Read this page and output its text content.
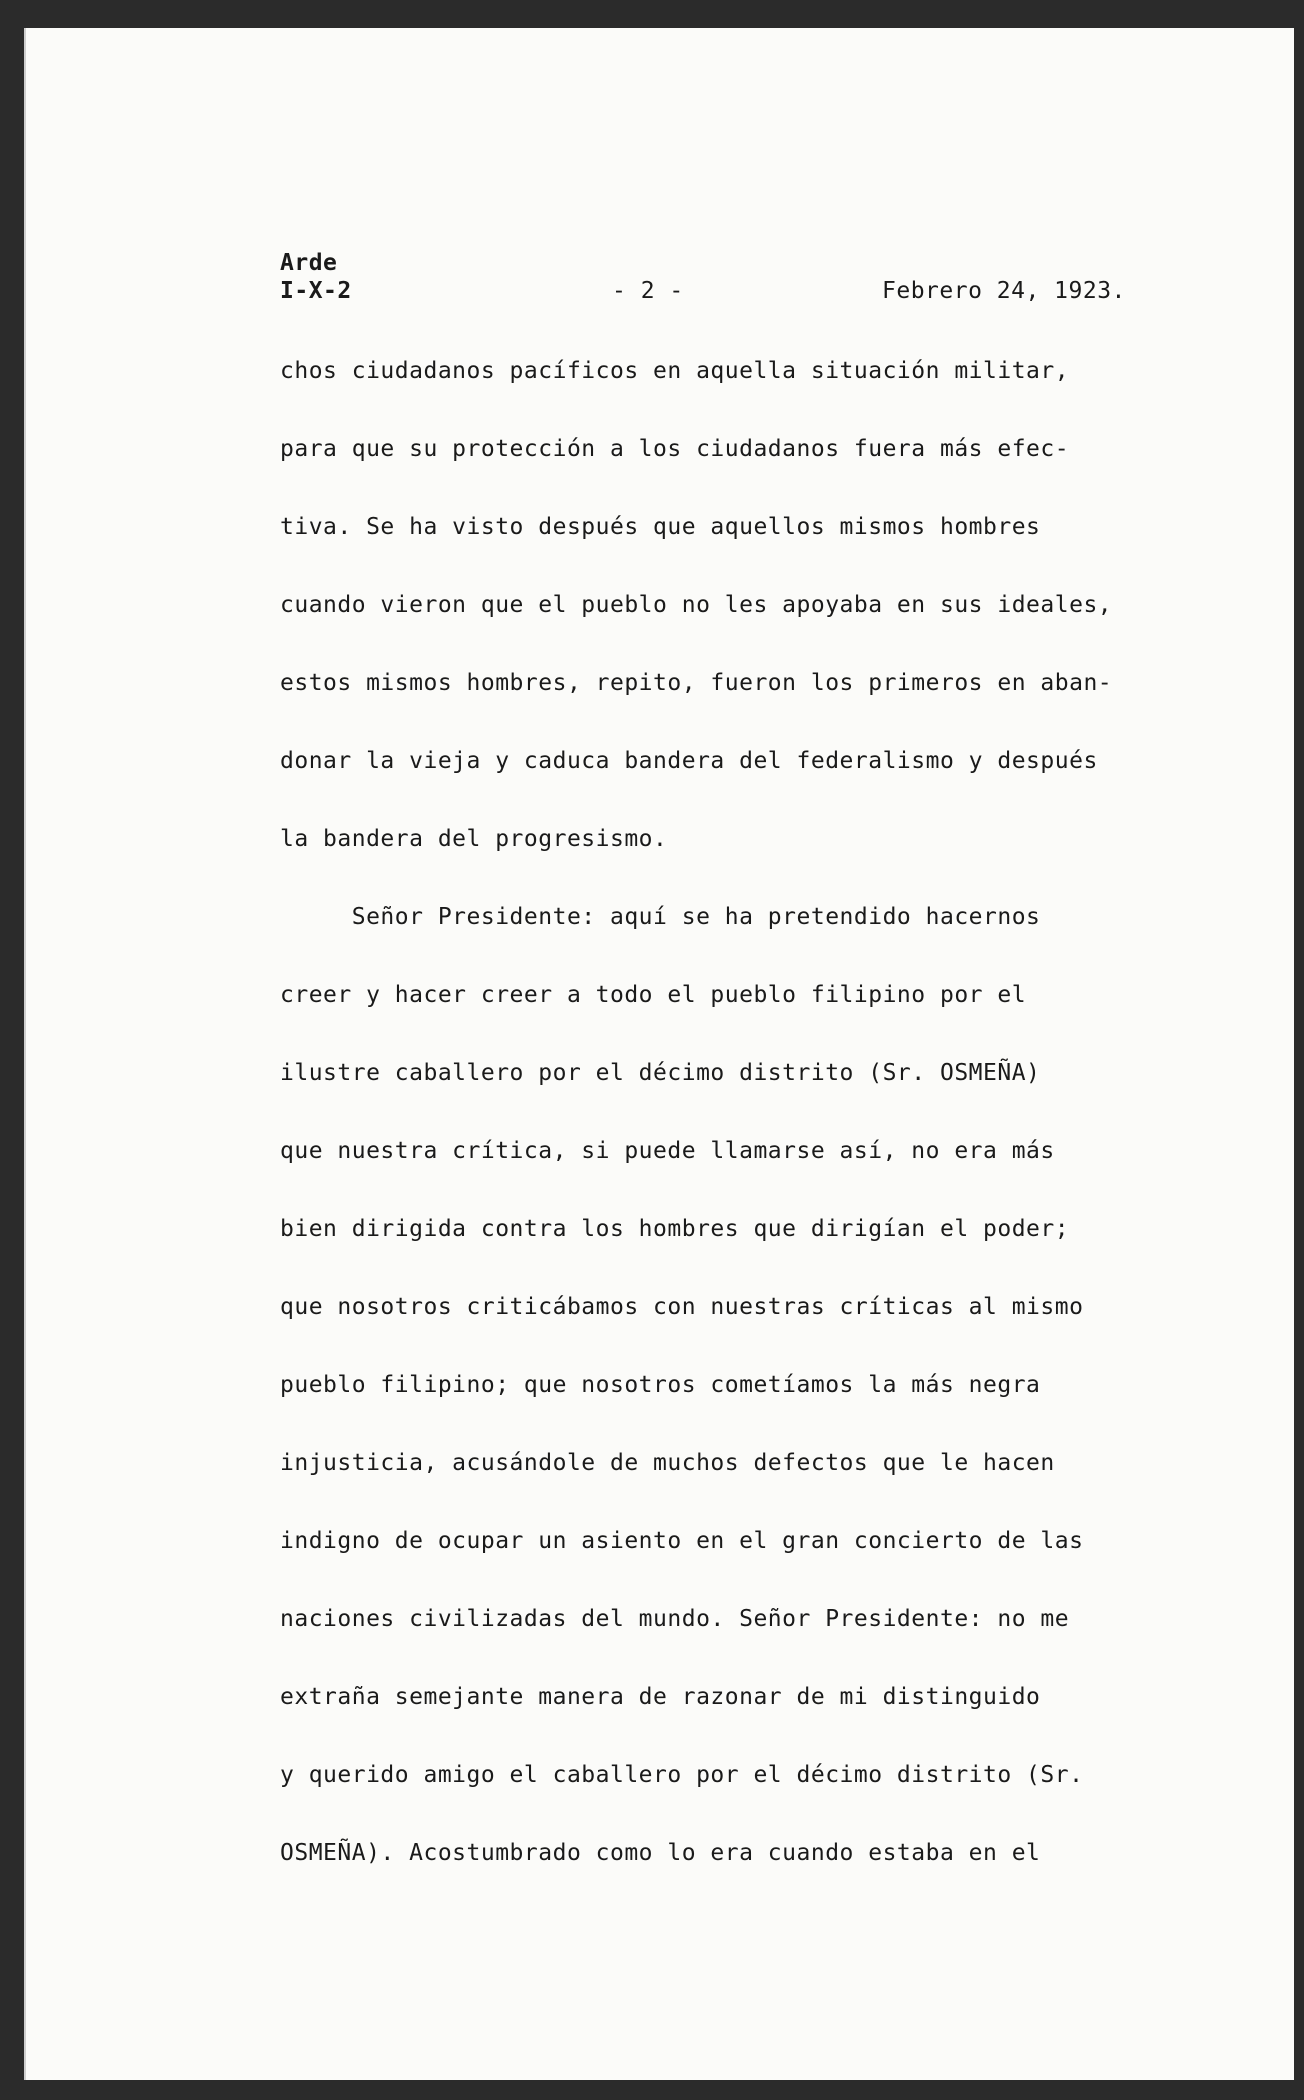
Arde
I-X-2	- 2 -	Febrero 24, 1923.
chos ciudadanos pacíficos en aquella situación militar,
para que su protección a los ciudadanos fuera más efec-
tiva. Se ha visto después que aquellos mismos hombres
cuando vieron que el pueblo no les apoyaba en sus ideales,
estos mismos hombres, repito, fueron los primeros en aban-
donar la vieja y caduca bandera del federalismo y después
la bandera del progresismo.
Señor Presidente: aquí se ha pretendido hacernos
creer y hacer creer a todo el pueblo filipino por el
ilustre caballero por el décimo distrito (Sr. OSMEÑA)
que nuestra crítica, si puede llamarse así, no era más
bien dirigida contra los hombres que dirigían el poder;
que nosotros criticábamos con nuestras críticas al mismo
pueblo filipino; que nosotros cometíamos la más negra
injusticia, acusándole de muchos defectos que le hacen
indigno de ocupar un asiento en el gran concierto de las
naciones civilizadas del mundo. Señor Presidente: no me
extraña semejante manera de razonar de mi distinguido
y querido amigo el caballero por el décimo distrito (Sr.
OSMEÑA). Acostumbrado como lo era cuando estaba en el
